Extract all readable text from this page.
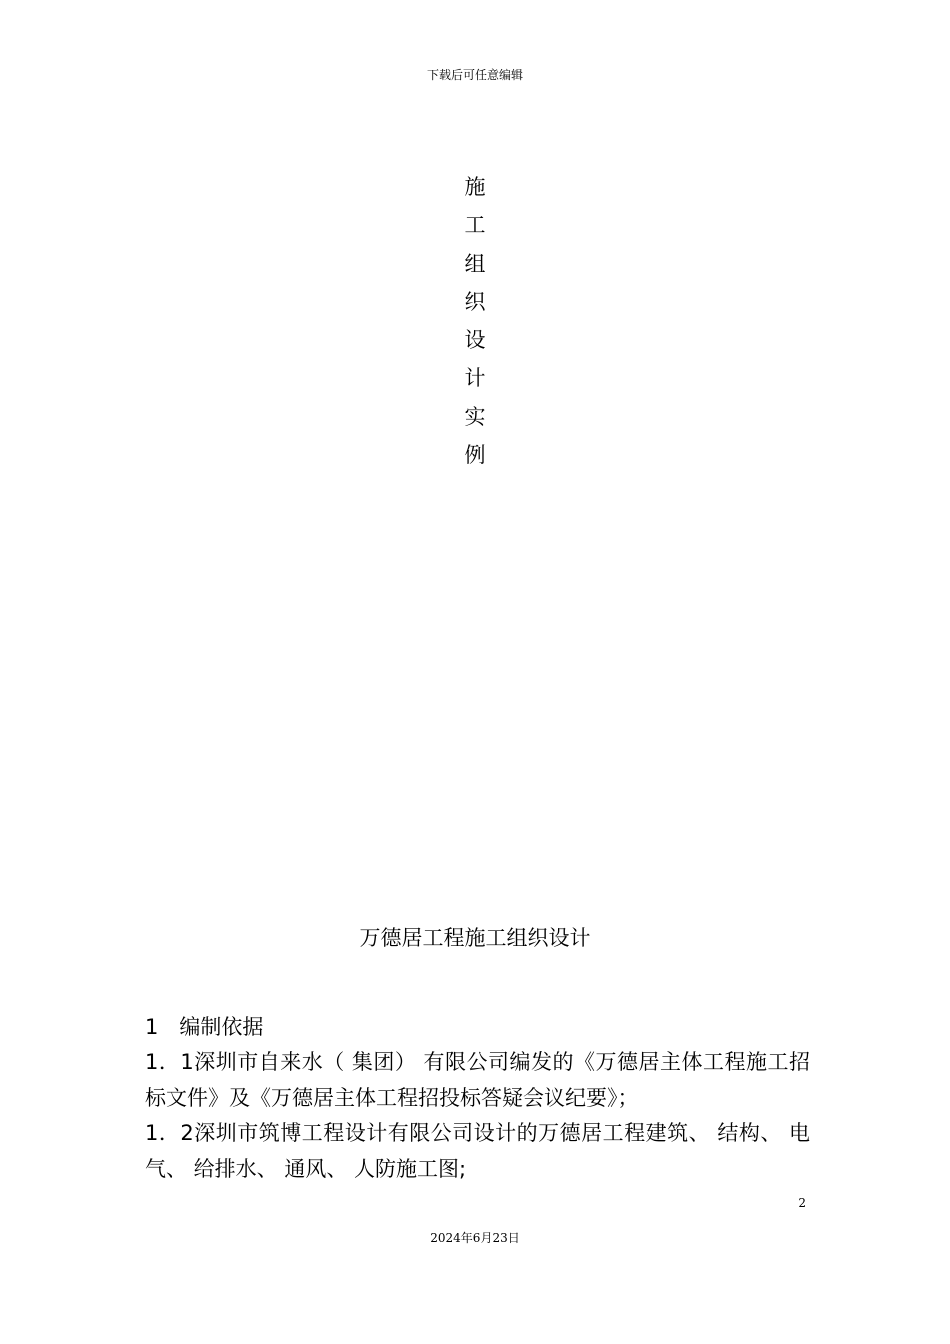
下载后可任意编辑
施
工
组
织
设
计
实
例
万德居工程施工组织设计
1　编制依据
1．1深圳市自来水（ 集团） 有限公司编发的《万德居主体工程施工招标文件》及《万德居主体工程招投标答疑会议纪要》；
1．2深圳市筑博工程设计有限公司设计的万德居工程建筑、 结构、 电气、 给排水、 通风、 人防施工图;
2
2024年6月23日
